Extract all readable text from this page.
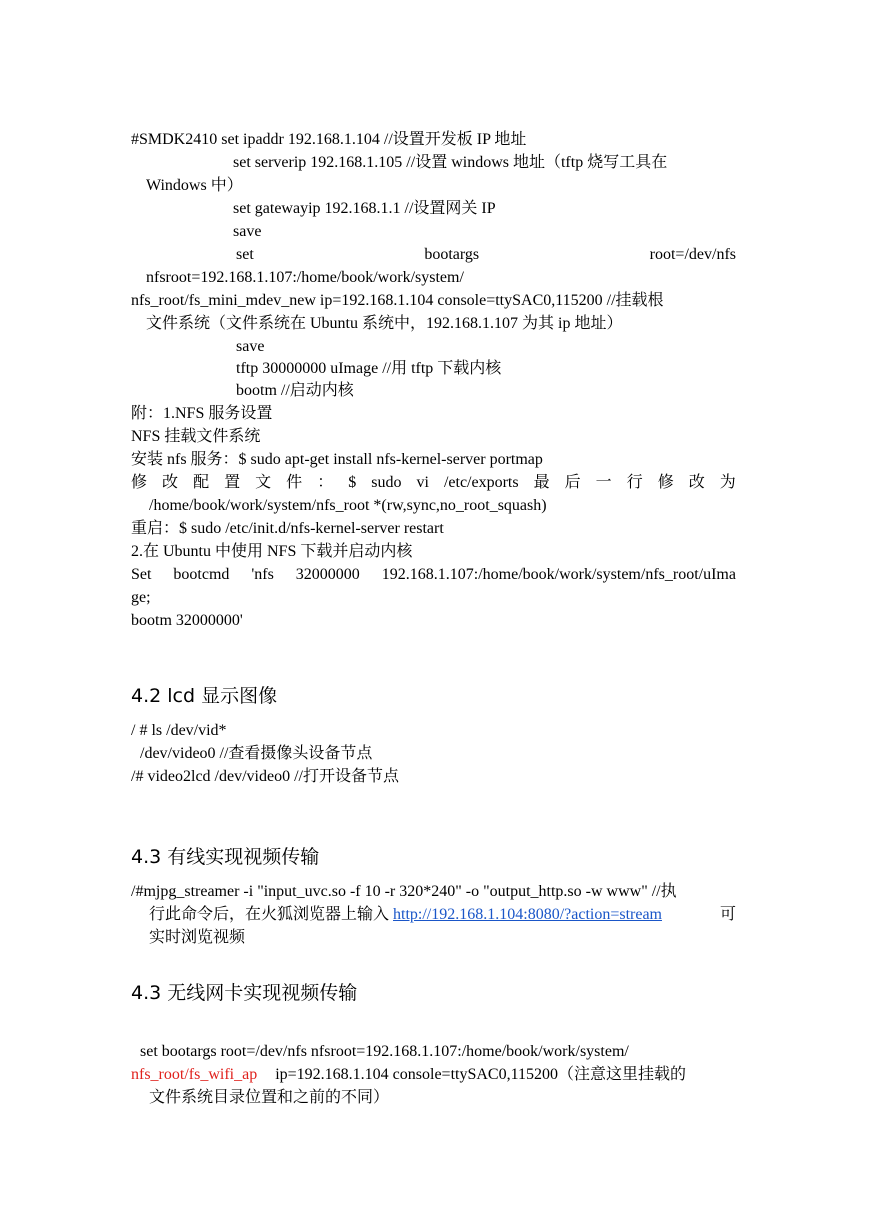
#SMDK2410 set ipaddr 192.168.1.104 //设置开发板 IP 地址
set serverip 192.168.1.105 //设置 windows 地址（tftp 烧写工具在
Windows 中）
set gatewayip 192.168.1.1 //设置网关 IP
save
set	bootargs	root=/dev/nfs
nfsroot=192.168.1.107:/home/book/work/system/
nfs_root/fs_mini_mdev_new ip=192.168.1.104 console=ttySAC0,115200 //挂载根
文件系统（文件系统在 Ubuntu 系统中，192.168.1.107 为其 ip 地址）
save
tftp 30000000 uImage //用 tftp 下载内核
bootm //启动内核
附：1.NFS 服务设置
NFS 挂载文件系统
安装 nfs 服务：$ sudo apt-get install nfs-kernel-server portmap
修 改 配 置 文 件 ： $ sudo vi /etc/exports 最 后 一 行 修 改 为
/home/book/work/system/nfs_root *(rw,sync,no_root_squash)
重启：$ sudo /etc/init.d/nfs-kernel-server restart
2.在 Ubuntu 中使用 NFS 下载并启动内核
Set bootcmd 'nfs 32000000 192.168.1.107:/home/book/work/system/nfs_root/uIma
ge;
bootm 32000000'
4.2 lcd 显示图像
/ # ls /dev/vid*
/dev/video0 //查看摄像头设备节点
/# video2lcd /dev/video0 //打开设备节点
4.3 有线实现视频传输
/#mjpg_streamer -i "input_uvc.so -f 10 -r 320*240" -o "output_http.so -w www" //执
行此命令后，在火狐浏览器上输入 http://192.168.1.104:8080/?action=stream	可
实时浏览视频
4.3 无线网卡实现视频传输
set bootargs root=/dev/nfs nfsroot=192.168.1.107:/home/book/work/system/
nfs_root/fs_wifi_ap ip=192.168.1.104 console=ttySAC0,115200（注意这里挂载的
文件系统目录位置和之前的不同）
